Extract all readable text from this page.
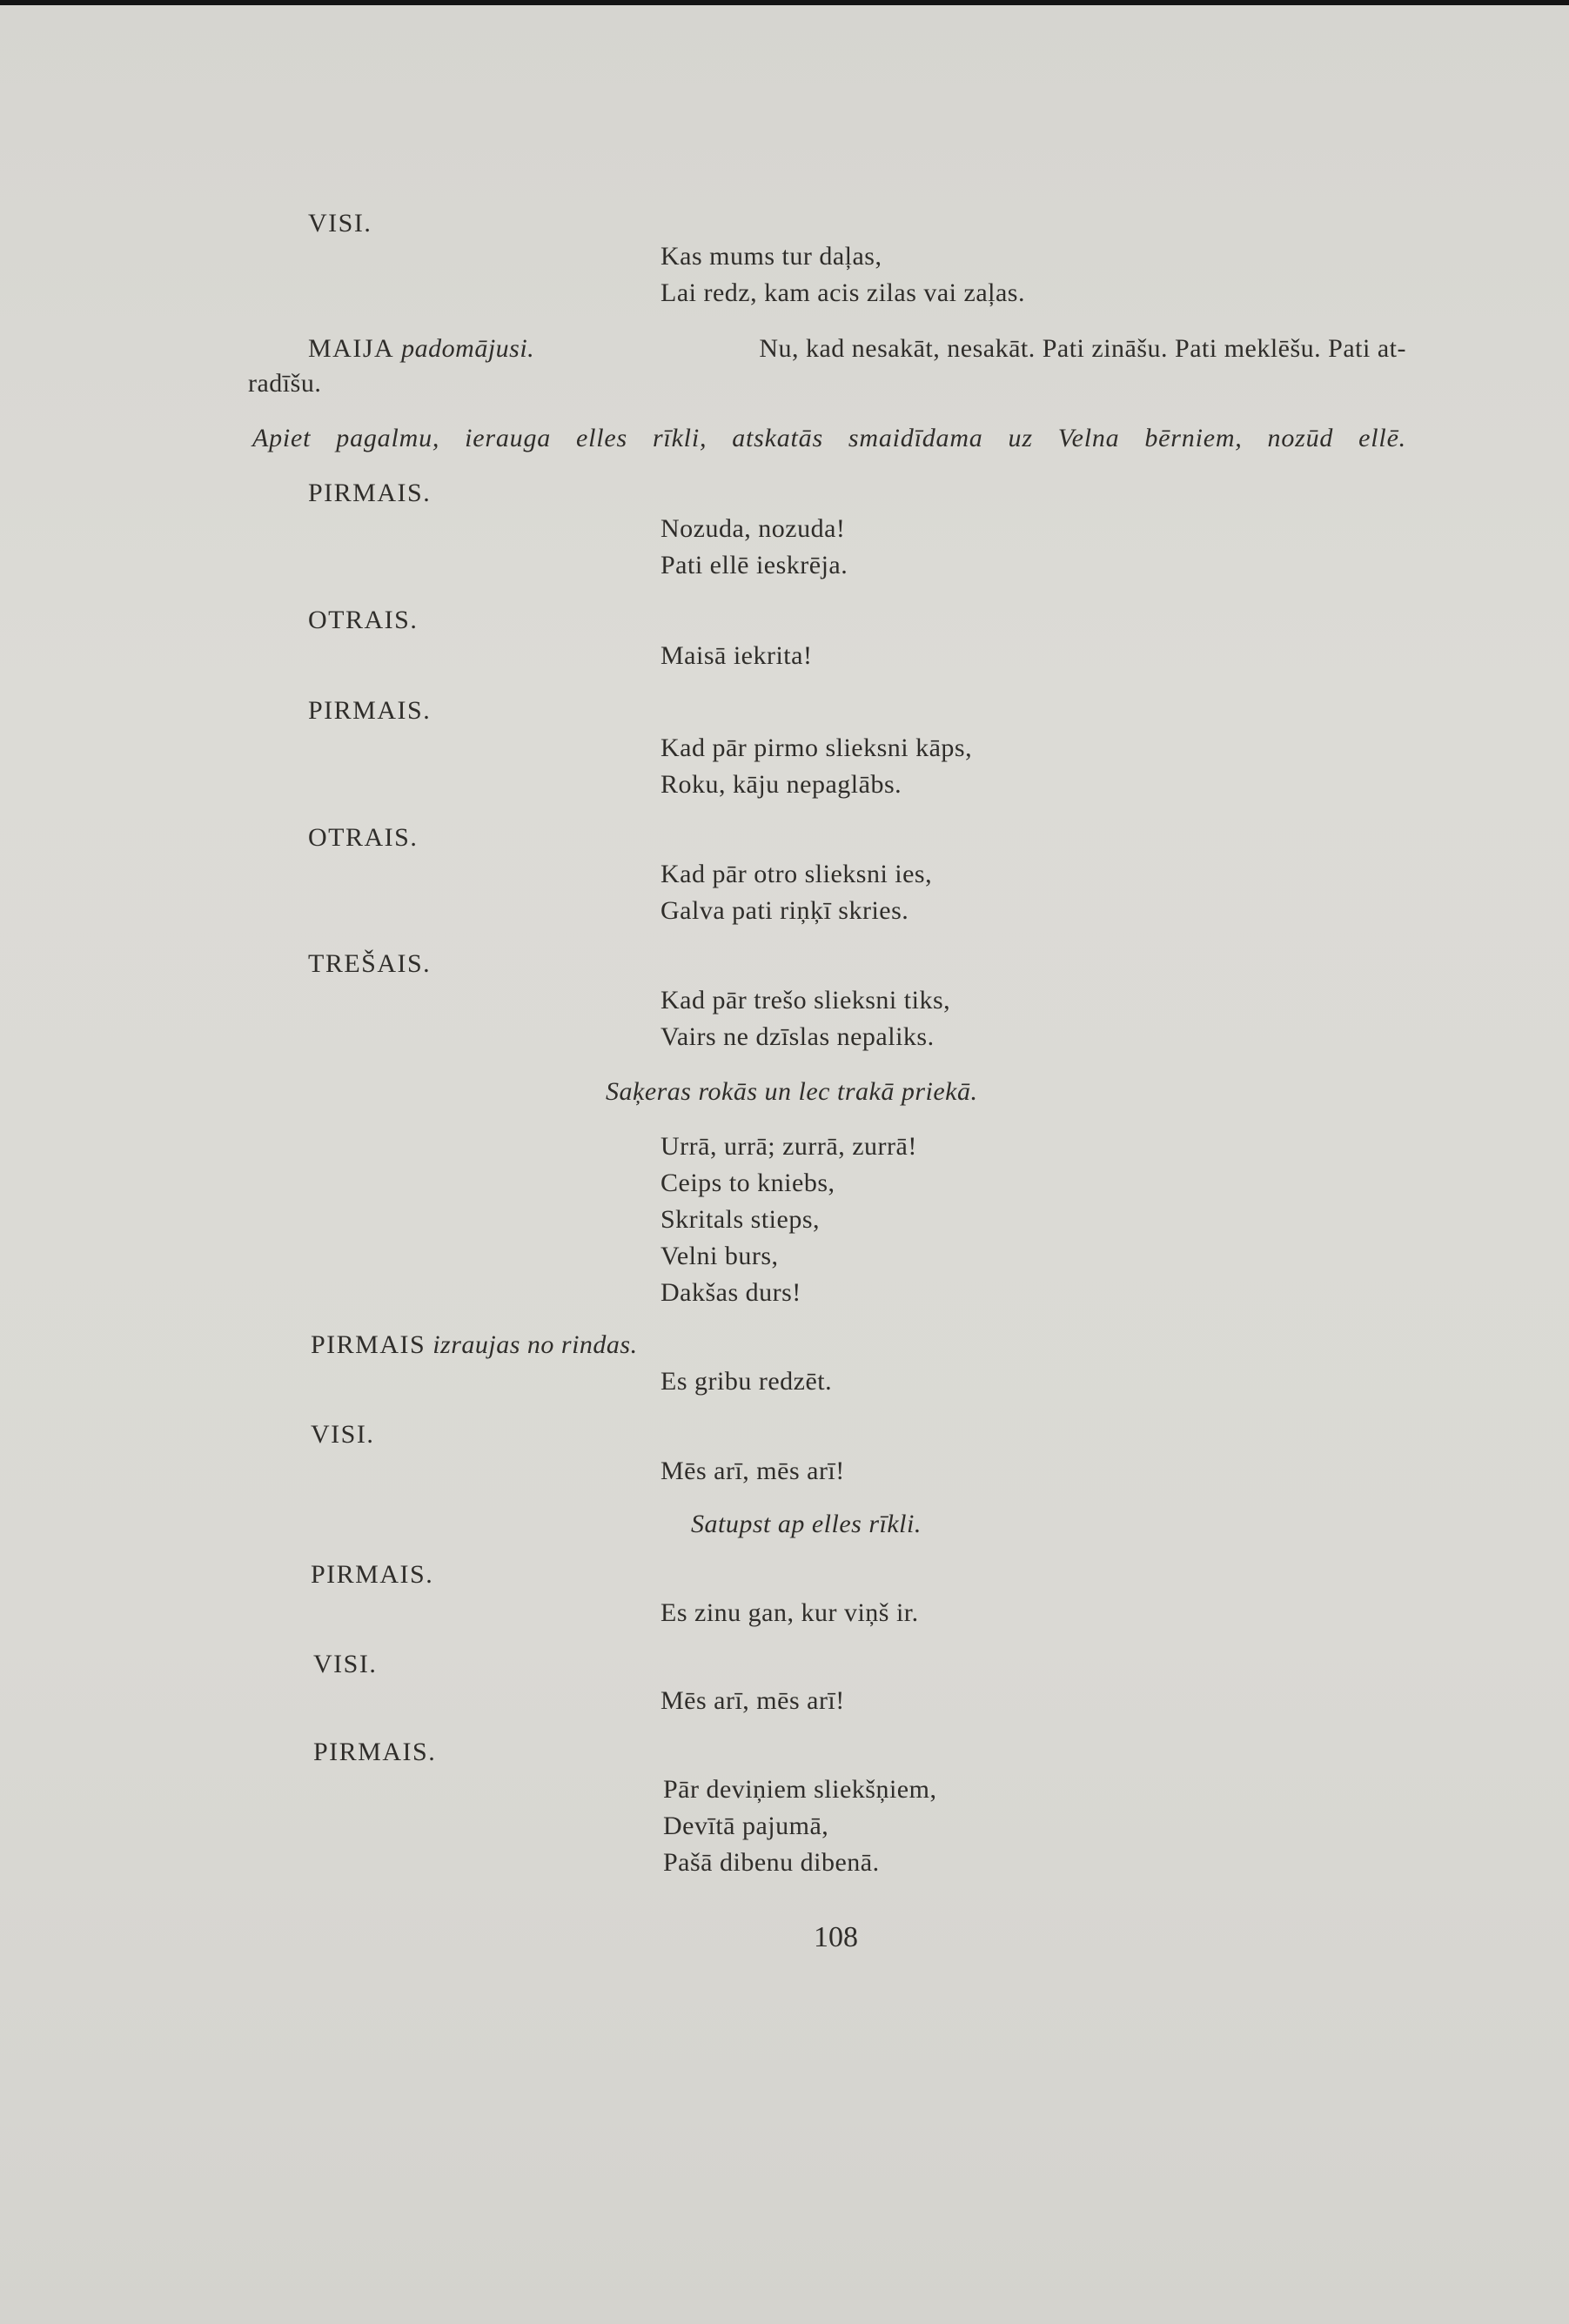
VISI.
Kas mums tur daļas,
Lai redz, kam acis zilas vai zaļas.
MAIJA padomājusi.	Nu, kad nesakāt, nesakāt. Pati zināšu. Pati meklēšu. Pati at-
radīšu.
Apiet pagalmu, ierauga elles rīkli, atskatās smaidīdama uz Velna bērniem, nozūd ellē.
PIRMAIS.
Nozuda, nozuda!
Pati ellē ieskrēja.
OTRAIS.
Maisā iekrita!
PIRMAIS.
Kad pār pirmo slieksni kāps,
Roku, kāju nepaglābs.
OTRAIS.
Kad pār otro slieksni ies,
Galva pati riņķī skries.
TREŠAIS.
Kad pār trešo slieksni tiks,
Vairs ne dzīslas nepaliks.
Saķeras rokās un lec trakā priekā.
Urrā, urrā; zurrā, zurrā!
Ceips to kniebs,
Skritals stieps,
Velni burs,
Dakšas durs!
PIRMAIS izraujas no rindas.
Es gribu redzēt.
VISI.
Mēs arī, mēs arī!
Satupst ap elles rīkli.
PIRMAIS.
Es zinu gan, kur viņš ir.
VISI.
Mēs arī, mēs arī!
PIRMAIS.
Pār deviņiem sliekšņiem,
Devītā pajumā,
Pašā dibenu dibenā.
108
